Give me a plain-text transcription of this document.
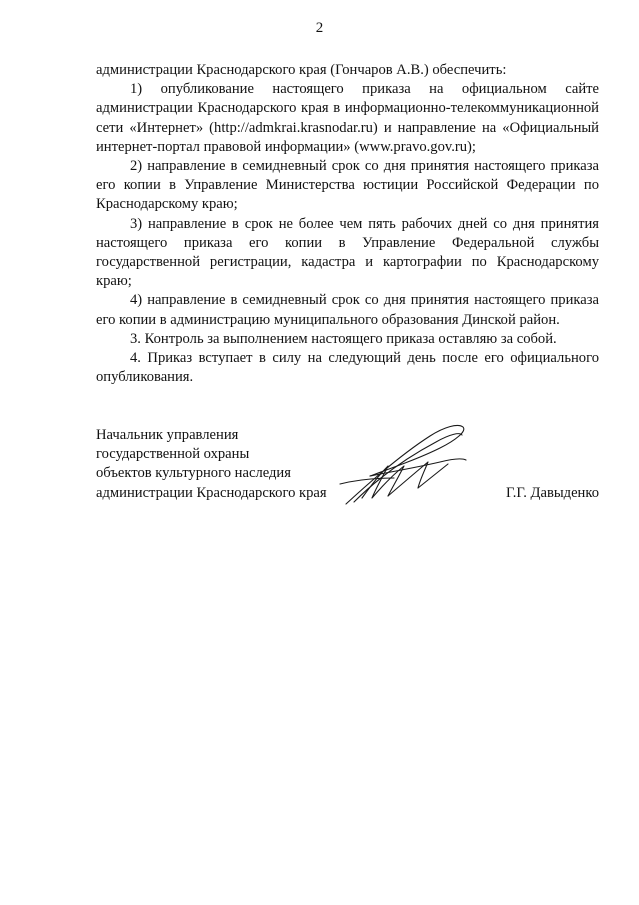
2

администрации Краснодарского края (Гончаров А.В.) обеспечить:

1) опубликование настоящего приказа на официальном сайте администрации Краснодарского края в информационно-телекоммуникационной сети «Интернет» (http://admkrai.krasnodar.ru) и направление на «Официальный интернет-портал правовой информации» (www.pravo.gov.ru);

2) направление в семидневный срок со дня принятия настоящего приказа его копии в Управление Министерства юстиции Российской Федерации по Краснодарскому краю;

3) направление в срок не более чем пять рабочих дней со дня принятия настоящего приказа его копии в Управление Федеральной службы государственной регистрации, кадастра и картографии по Краснодарскому краю;

4) направление в семидневный срок со дня принятия настоящего приказа его копии в администрацию муниципального образования Динской район.

3. Контроль за выполнением настоящего приказа оставляю за собой.

4. Приказ вступает в силу на следующий день после его официального опубликования.

Начальник управления
государственной охраны
объектов культурного наследия
администрации Краснодарского края	Г.Г. Давыденко
